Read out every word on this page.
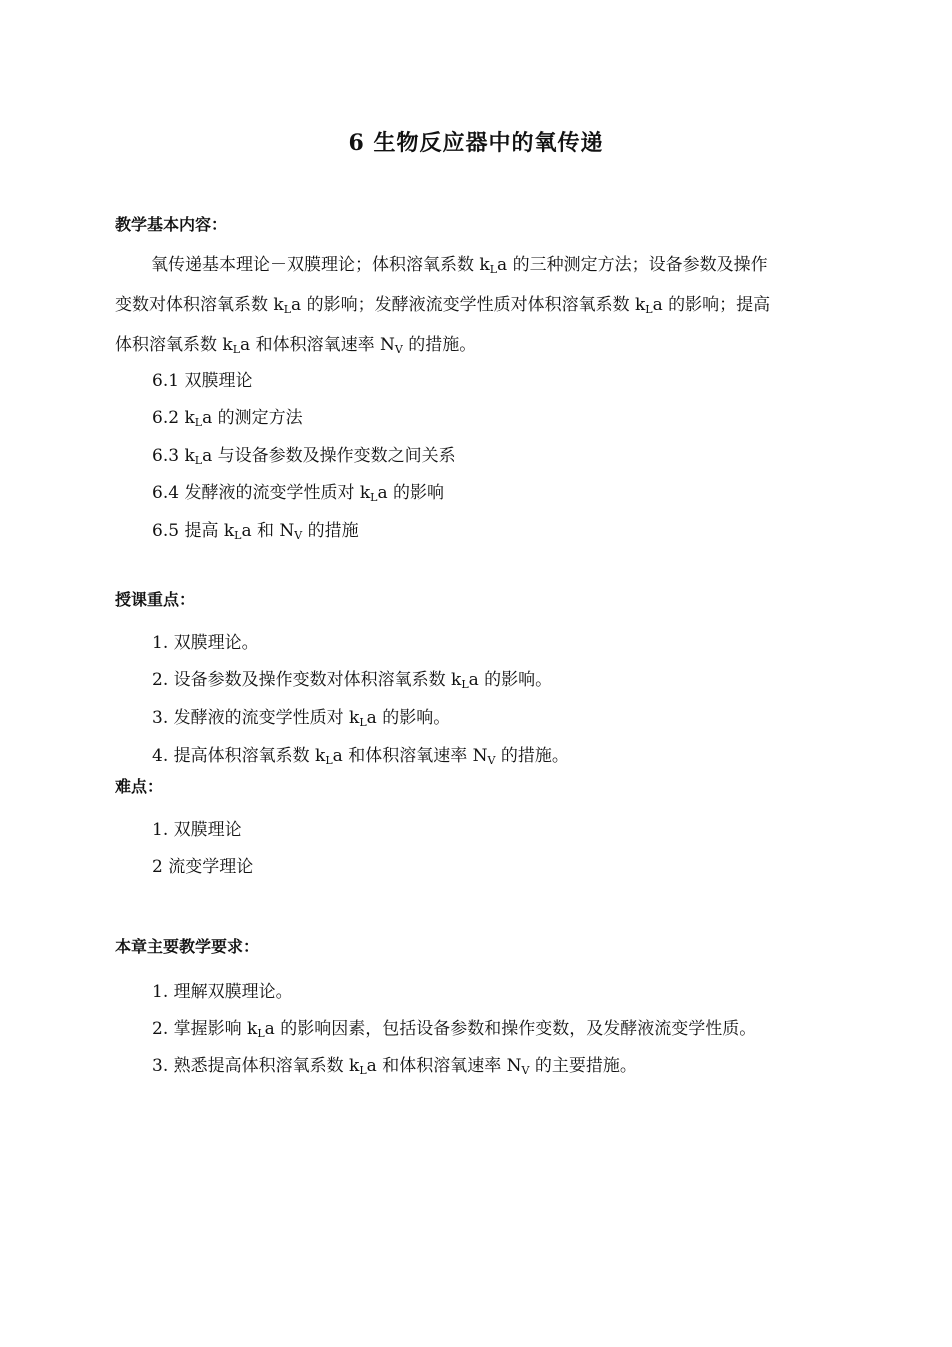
6 生物反应器中的氧传递
教学基本内容：
氧传递基本理论－双膜理论；体积溶氧系数 kLa 的三种测定方法；设备参数及操作
变数对体积溶氧系数 kLa 的影响；发酵液流变学性质对体积溶氧系数 kLa 的影响；提高
体积溶氧系数 kLa 和体积溶氧速率 NV 的措施。
6.1 双膜理论
6.2 kLa 的测定方法
6.3 kLa 与设备参数及操作变数之间关系
6.4 发酵液的流变学性质对 kLa 的影响
6.5 提高 kLa 和 NV 的措施
授课重点：
1. 双膜理论。
2. 设备参数及操作变数对体积溶氧系数 kLa 的影响。
3. 发酵液的流变学性质对 kLa 的影响。
4. 提高体积溶氧系数 kLa 和体积溶氧速率 NV 的措施。
难点：
1. 双膜理论
2 流变学理论
本章主要教学要求：
1. 理解双膜理论。
2. 掌握影响 kLa 的影响因素，包括设备参数和操作变数，及发酵液流变学性质。
3. 熟悉提高体积溶氧系数 kLa 和体积溶氧速率 NV 的主要措施。
